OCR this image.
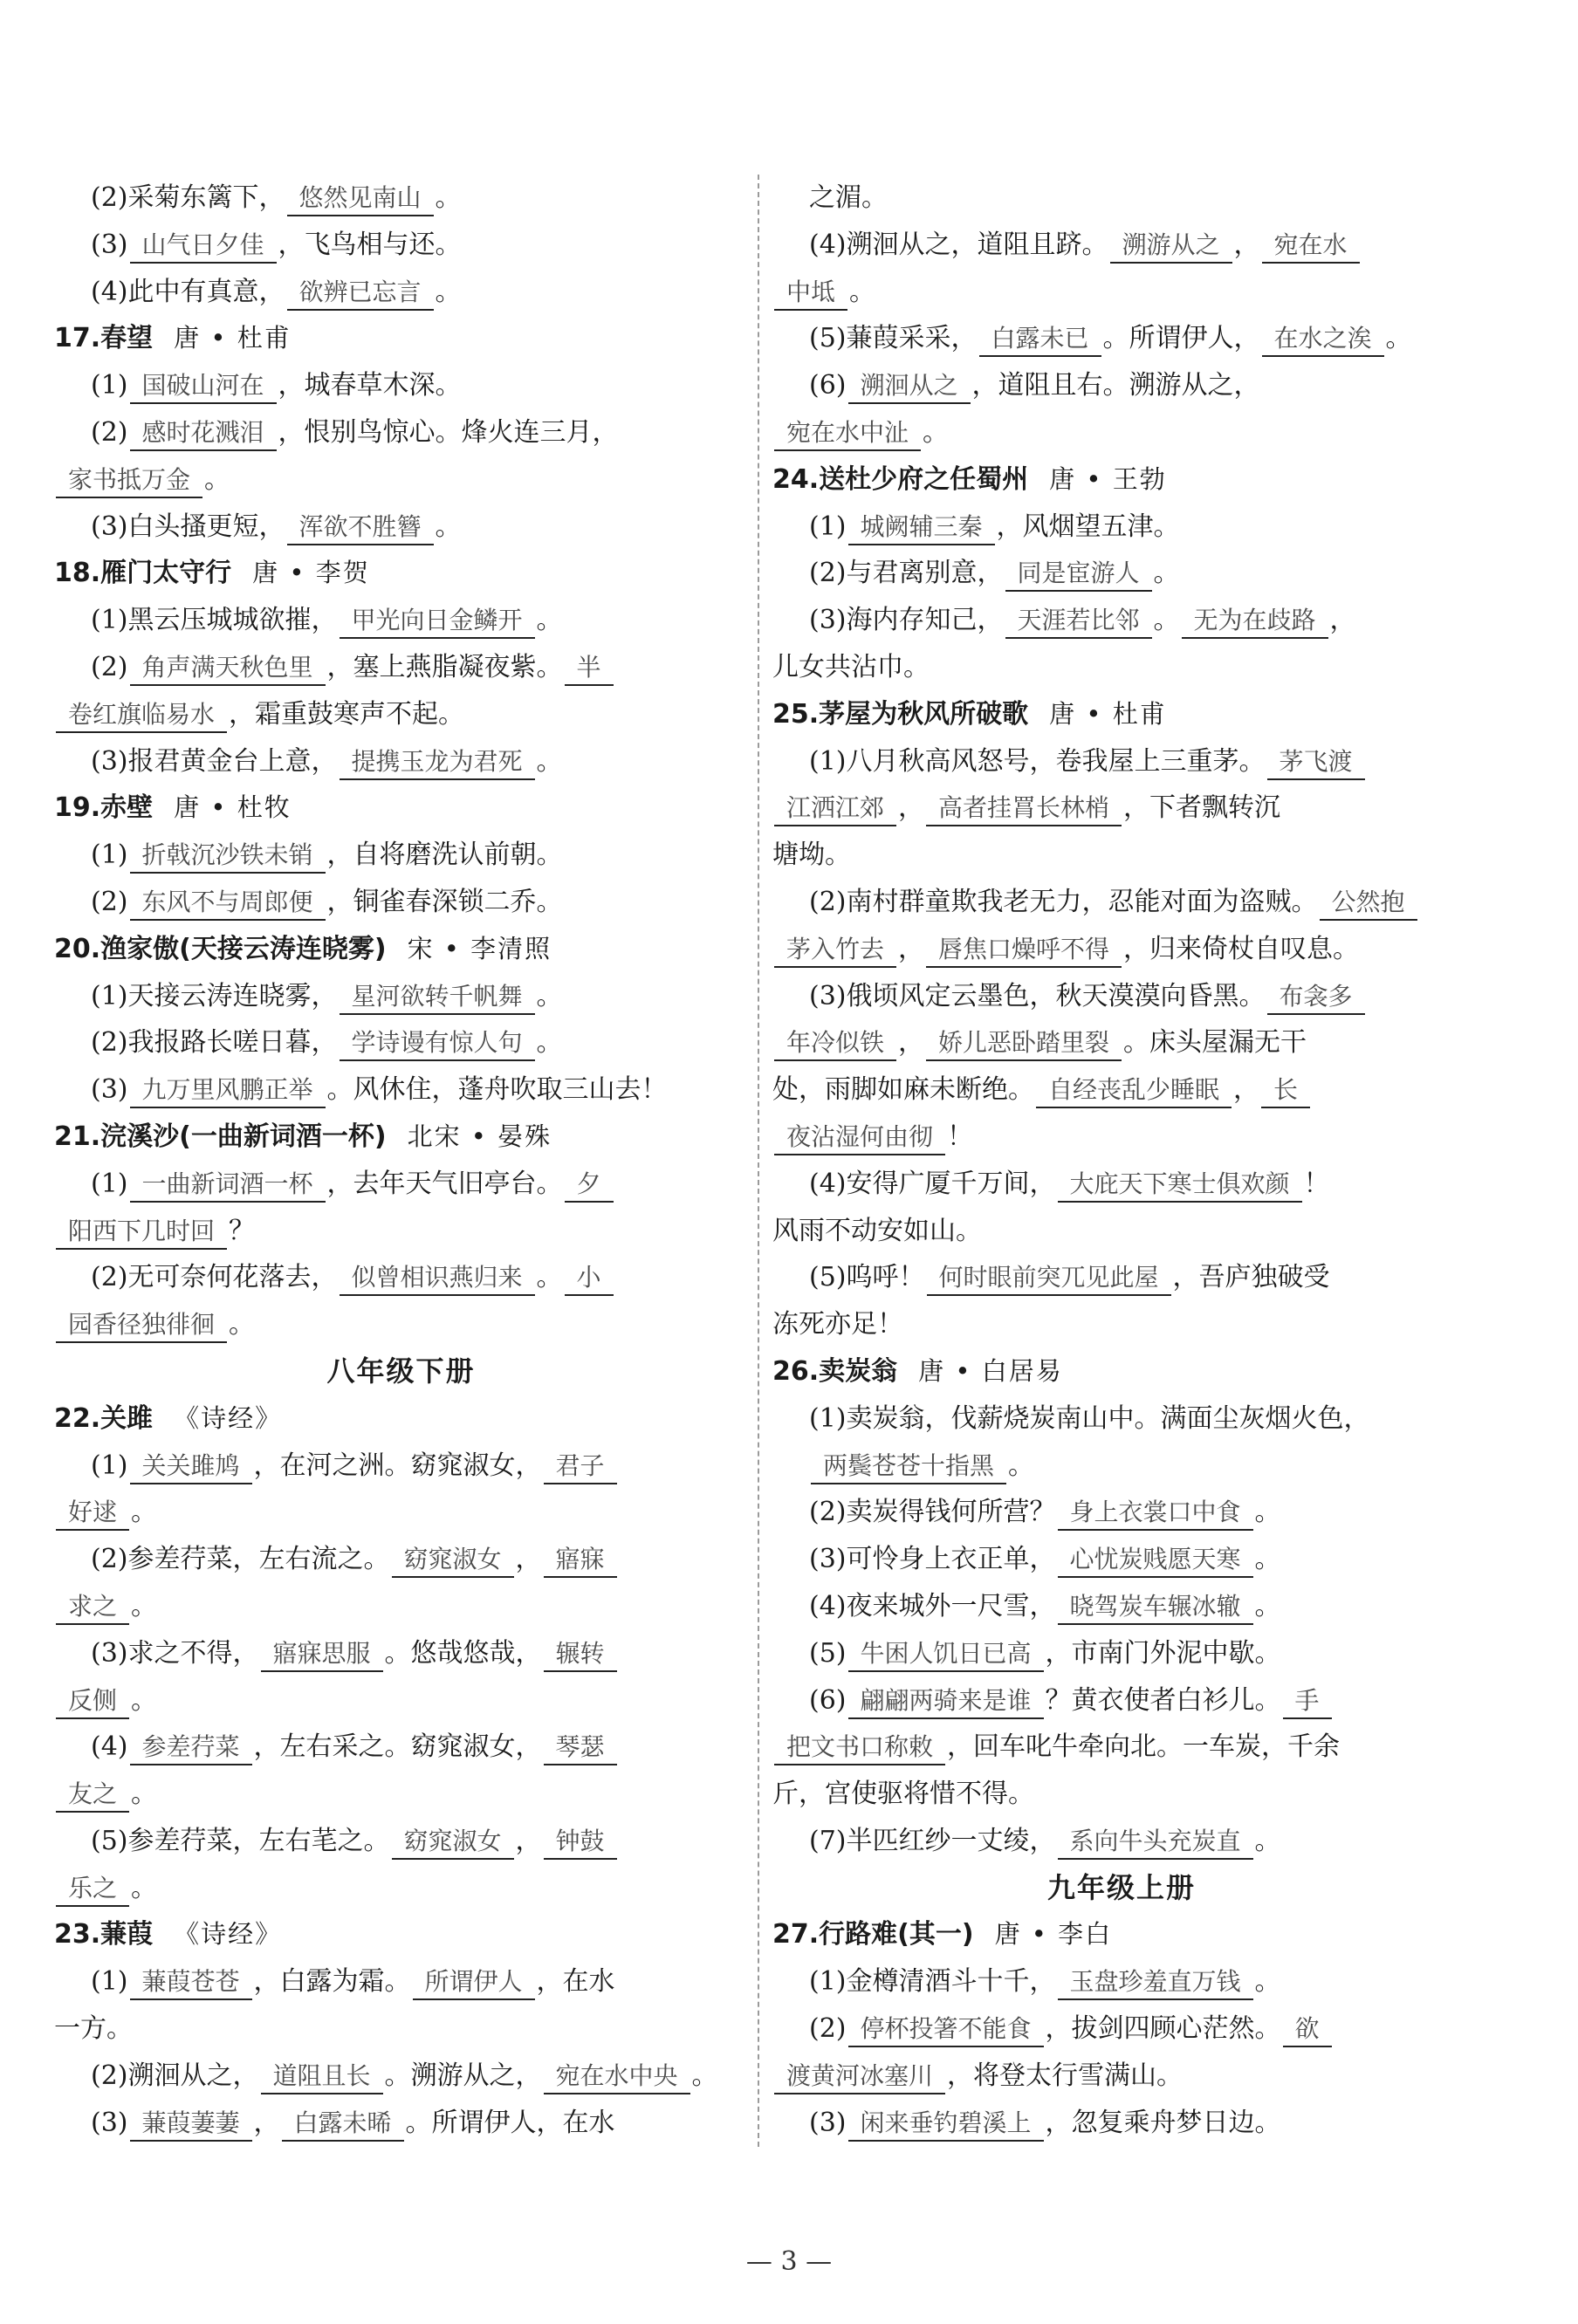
(2)采菊东篱下， 悠然见南山 。
(3) 山气日夕佳 ，飞鸟相与还。
(4)此中有真意， 欲辨已忘言 。
17.春望 唐 • 杜甫
(1) 国破山河在 ，城春草木深。
(2) 感时花溅泪 ，恨别鸟惊心。烽火连三月，
家书抵万金 。
(3)白头搔更短， 浑欲不胜簪 。
18.雁门太守行 唐 • 李贺
(1)黑云压城城欲摧， 甲光向日金鳞开 。
(2) 角声满天秋色里 ，塞上燕脂凝夜紫。 半
卷红旗临易水 ，霜重鼓寒声不起。
(3)报君黄金台上意， 提携玉龙为君死 。
19.赤壁 唐 • 杜牧
(1) 折戟沉沙铁未销 ，自将磨洗认前朝。
(2) 东风不与周郎便 ，铜雀春深锁二乔。
20.渔家傲(天接云涛连晓雾) 宋 • 李清照
(1)天接云涛连晓雾， 星河欲转千帆舞 。
(2)我报路长嗟日暮， 学诗谩有惊人句 。
(3) 九万里风鹏正举 。风休住，蓬舟吹取三山去！
21.浣溪沙(一曲新词酒一杯) 北宋 • 晏殊
(1) 一曲新词酒一杯 ，去年天气旧亭台。 夕
阳西下几时回 ？
(2)无可奈何花落去， 似曾相识燕归来 。 小
园香径独徘徊 。
八年级下册
22.关雎 《诗经》
(1) 关关雎鸠 ，在河之洲。窈窕淑女， 君子
好逑 。
(2)参差荇菜，左右流之。 窈窕淑女 ， 寤寐
求之 。
(3)求之不得， 寤寐思服 。悠哉悠哉， 辗转
反侧 。
(4) 参差荇菜 ，左右采之。窈窕淑女， 琴瑟
友之 。
(5)参差荇菜，左右芼之。 窈窕淑女 ， 钟鼓
乐之 。
23.蒹葭 《诗经》
(1) 蒹葭苍苍 ，白露为霜。 所谓伊人 ，在水
一方。
(2)溯洄从之， 道阻且长 。溯游从之， 宛在水中央 。
(3) 蒹葭萋萋 ， 白露未晞 。所谓伊人，在水
之湄。
(4)溯洄从之，道阻且跻。 溯游从之 ， 宛在水
中坻 。
(5)蒹葭采采， 白露未已 。所谓伊人， 在水之涘 。
(6) 溯洄从之 ，道阻且右。溯游从之，
宛在水中沚 。
24.送杜少府之任蜀州 唐 • 王勃
(1) 城阙辅三秦 ，风烟望五津。
(2)与君离别意， 同是宦游人 。
(3)海内存知己， 天涯若比邻 。 无为在歧路 ，
儿女共沾巾。
25.茅屋为秋风所破歌 唐 • 杜甫
(1)八月秋高风怒号，卷我屋上三重茅。 茅飞渡
江洒江郊 ， 高者挂罥长林梢 ，下者飘转沉
塘坳。
(2)南村群童欺我老无力，忍能对面为盗贼。 公然抱
茅入竹去 ， 唇焦口燥呼不得 ，归来倚杖自叹息。
(3)俄顷风定云墨色，秋天漠漠向昏黑。 布衾多
年冷似铁 ， 娇儿恶卧踏里裂 。床头屋漏无干
处，雨脚如麻未断绝。 自经丧乱少睡眠 ， 长
夜沾湿何由彻 ！
(4)安得广厦千万间， 大庇天下寒士俱欢颜 ！
风雨不动安如山。
(5)呜呼！ 何时眼前突兀见此屋 ，吾庐独破受
冻死亦足！
26.卖炭翁 唐 • 白居易
(1)卖炭翁，伐薪烧炭南山中。满面尘灰烟火色，
两鬓苍苍十指黑 。
(2)卖炭得钱何所营？ 身上衣裳口中食 。
(3)可怜身上衣正单， 心忧炭贱愿天寒 。
(4)夜来城外一尺雪， 晓驾炭车辗冰辙 。
(5) 牛困人饥日已高 ，市南门外泥中歇。
(6) 翩翩两骑来是谁 ？黄衣使者白衫儿。 手
把文书口称敕 ，回车叱牛牵向北。一车炭，千余
斤，宫使驱将惜不得。
(7)半匹红纱一丈绫， 系向牛头充炭直 。
九年级上册
27.行路难(其一) 唐 • 李白
(1)金樽清酒斗十千， 玉盘珍羞直万钱 。
(2) 停杯投箸不能食 ，拔剑四顾心茫然。 欲
渡黄河冰塞川 ，将登太行雪满山。
(3) 闲来垂钓碧溪上 ，忽复乘舟梦日边。
— 3 —
